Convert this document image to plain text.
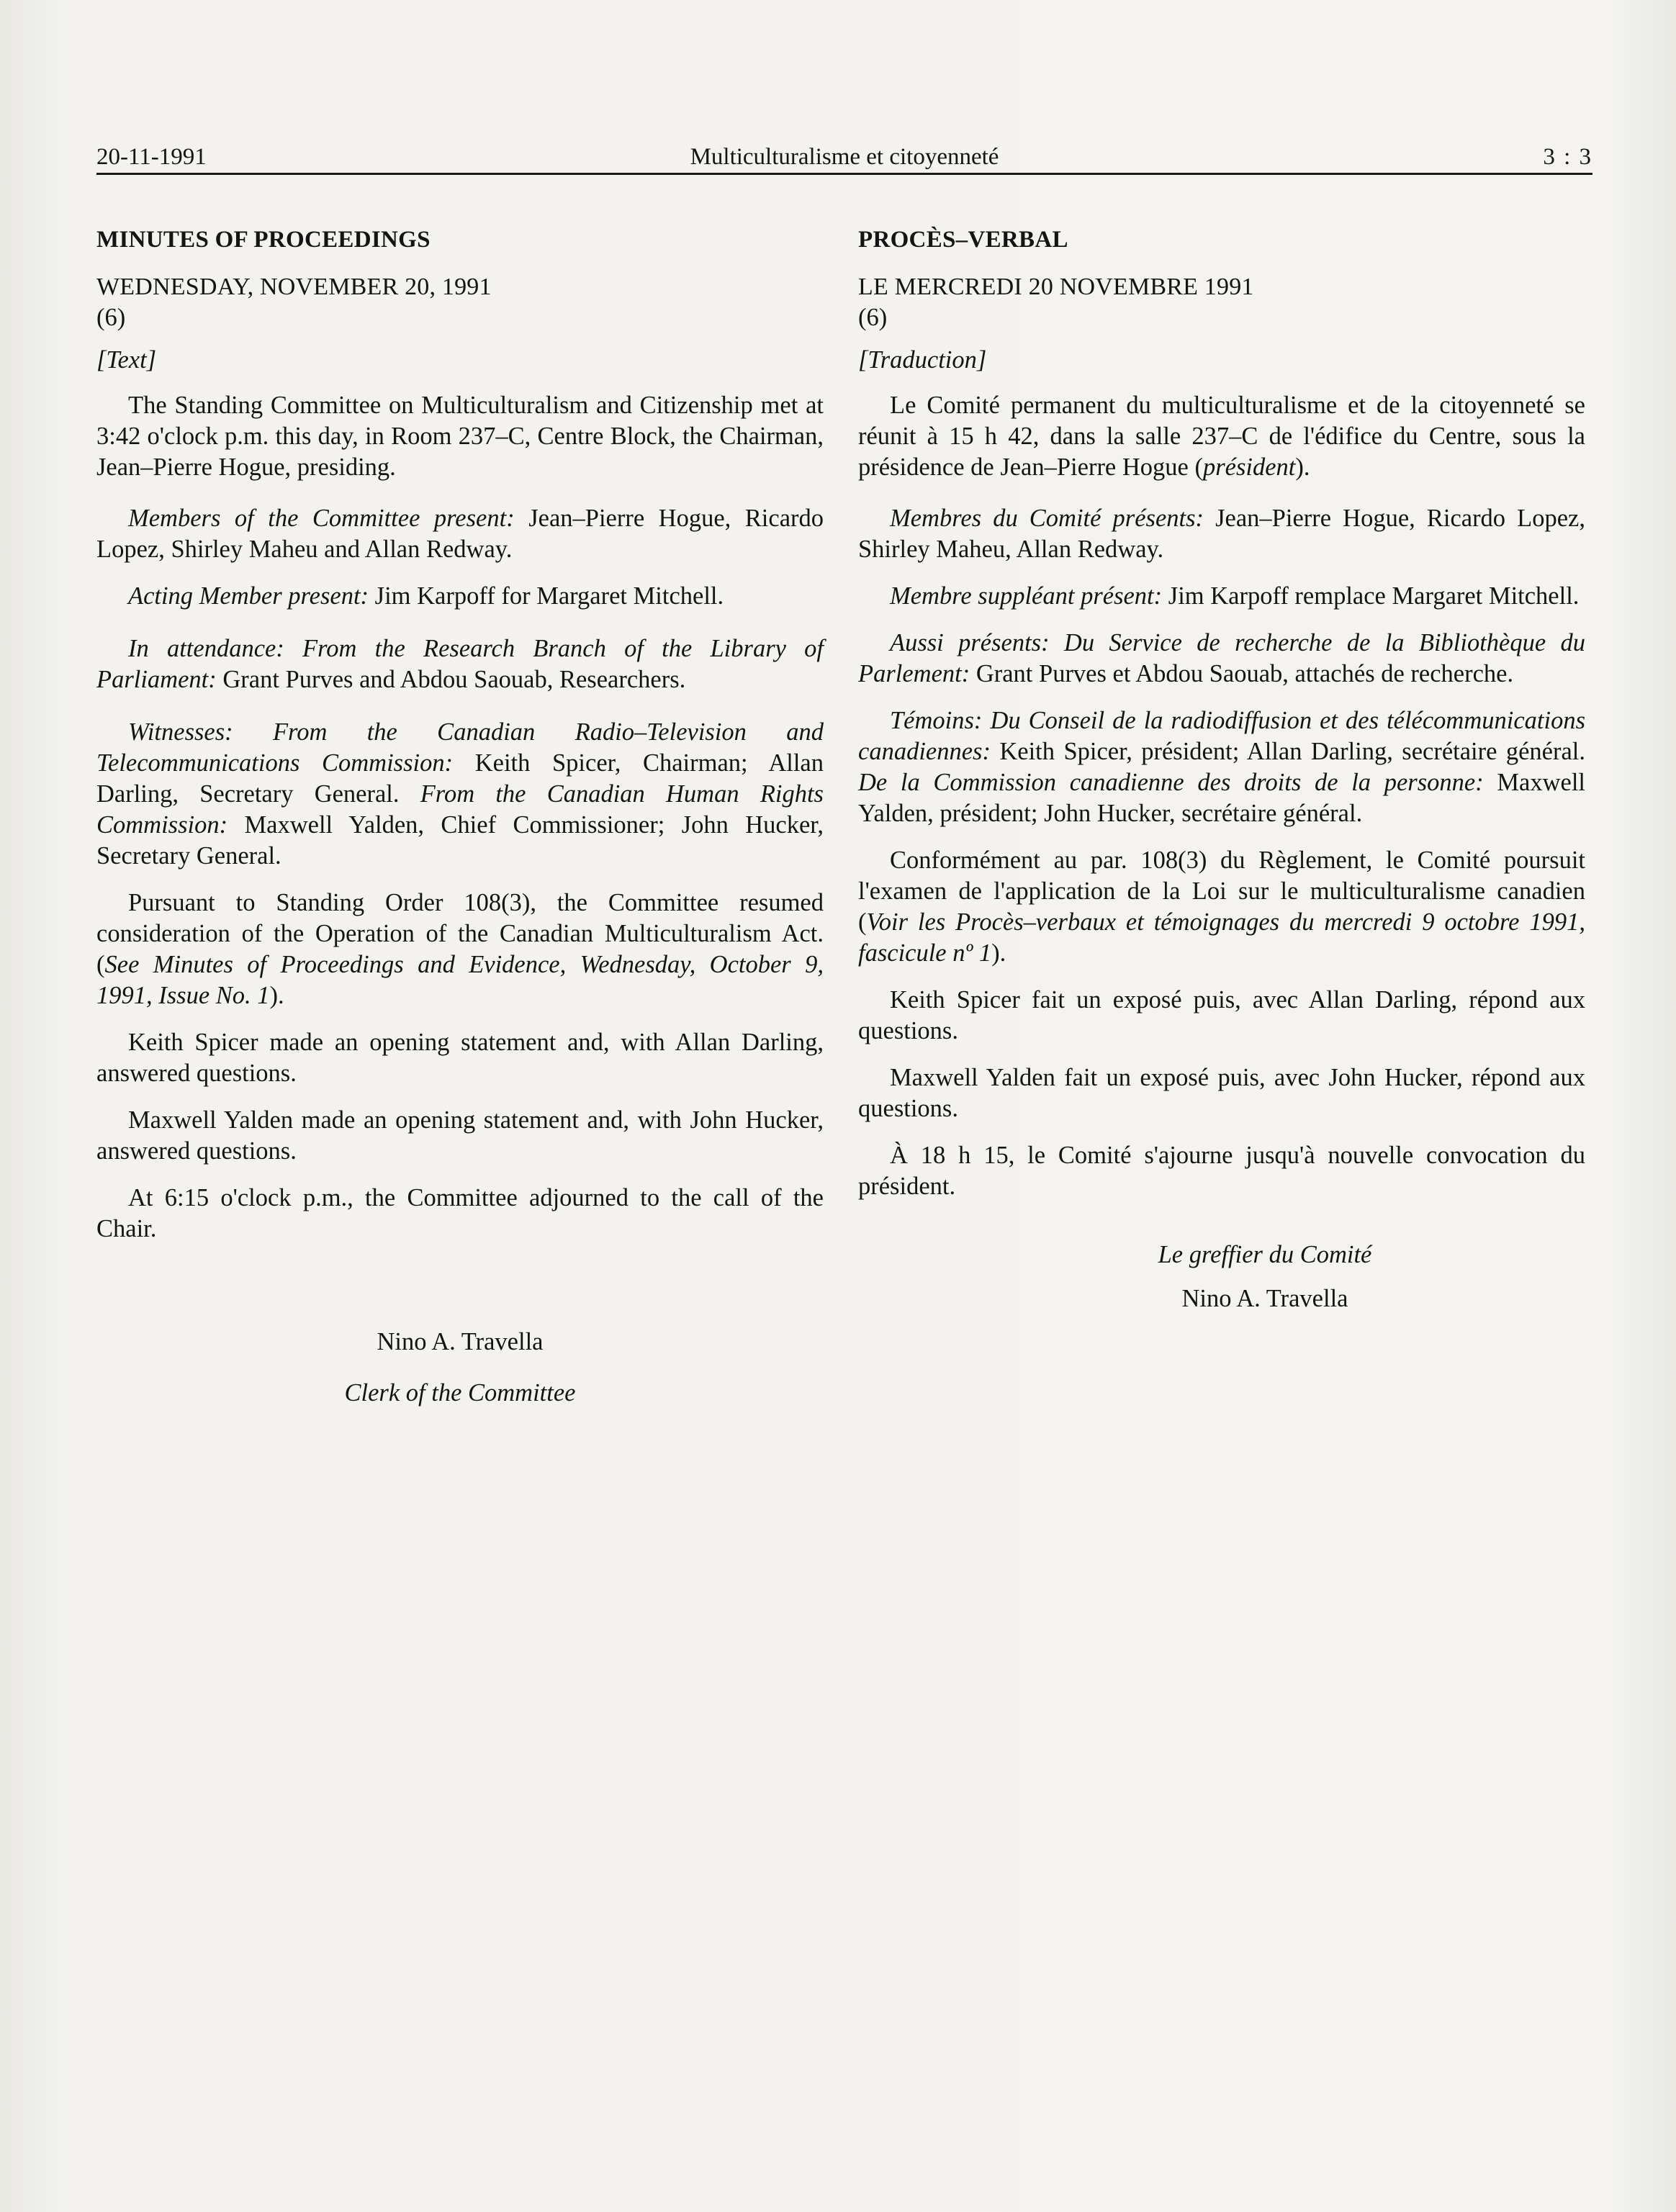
20-11-1991	Multiculturalisme et citoyenneté	3 : 3
MINUTES OF PROCEEDINGS
WEDNESDAY, NOVEMBER 20, 1991
(6)
[Text]

The Standing Committee on Multiculturalism and Citizenship met at 3:42 o'clock p.m. this day, in Room 237–C, Centre Block, the Chairman, Jean–Pierre Hogue, presiding.

Members of the Committee present: Jean–Pierre Hogue, Ricardo Lopez, Shirley Maheu and Allan Redway.

Acting Member present: Jim Karpoff for Margaret Mitchell.

In attendance: From the Research Branch of the Library of Parliament: Grant Purves and Abdou Saouab, Researchers.

Witnesses: From the Canadian Radio–Television and Telecommunications Commission: Keith Spicer, Chairman; Allan Darling, Secretary General. From the Canadian Human Rights Commission: Maxwell Yalden, Chief Commissioner; John Hucker, Secretary General.

Pursuant to Standing Order 108(3), the Committee resumed consideration of the Operation of the Canadian Multiculturalism Act. (See Minutes of Proceedings and Evidence, Wednesday, October 9, 1991, Issue No. 1).

Keith Spicer made an opening statement and, with Allan Darling, answered questions.

Maxwell Yalden made an opening statement and, with John Hucker, answered questions.

At 6:15 o'clock p.m., the Committee adjourned to the call of the Chair.

Nino A. Travella
Clerk of the Committee
PROCÈS–VERBAL
LE MERCREDI 20 NOVEMBRE 1991
(6)
[Traduction]

Le Comité permanent du multiculturalisme et de la citoyenneté se réunit à 15 h 42, dans la salle 237–C de l'édifice du Centre, sous la présidence de Jean–Pierre Hogue (président).

Membres du Comité présents: Jean–Pierre Hogue, Ricardo Lopez, Shirley Maheu, Allan Redway.

Membre suppléant présent: Jim Karpoff remplace Margaret Mitchell.

Aussi présents: Du Service de recherche de la Bibliothèque du Parlement: Grant Purves et Abdou Saouab, attachés de recherche.

Témoins: Du Conseil de la radiodiffusion et des télécommunications canadiennes: Keith Spicer, président; Allan Darling, secrétaire général. De la Commission canadienne des droits de la personne: Maxwell Yalden, président; John Hucker, secrétaire général.

Conformément au par. 108(3) du Règlement, le Comité poursuit l'examen de l'application de la Loi sur le multiculturalisme canadien (Voir les Procès–verbaux et témoignages du mercredi 9 octobre 1991, fascicule nº 1).

Keith Spicer fait un exposé puis, avec Allan Darling, répond aux questions.

Maxwell Yalden fait un exposé puis, avec John Hucker, répond aux questions.

À 18 h 15, le Comité s'ajourne jusqu'à nouvelle convocation du président.

Le greffier du Comité
Nino A. Travella
